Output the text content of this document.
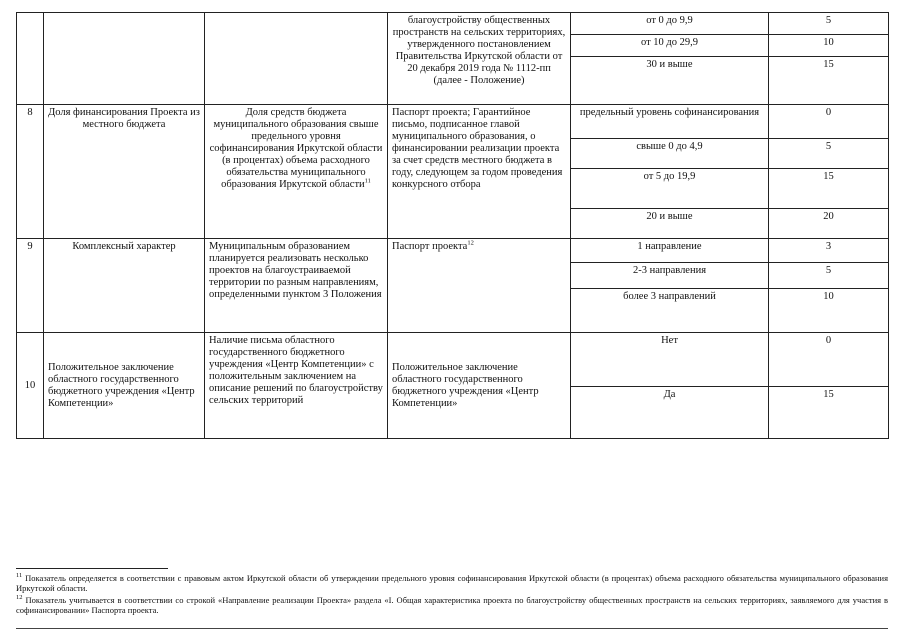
			благоустройству общественных пространств на сельских территориях, утвержденного постановлением Правительства Иркутской области от 20 декабря 2019 года № 1112-пп (далее - Положение)	от 0 до 9,9	5
				от 10 до 29,9	10
				30 и выше	15
8	Доля финансирования Проекта из местного бюджета	Доля средств бюджета муниципального образования свыше предельного уровня софинансирования Иркутской области (в процентах) объема расходного обязательства муниципального образования Иркутской области$^{11}$	Паспорт проекта; Гарантийное письмо, подписанное главой муниципального образования, о финансировании реализации проекта за счет средств местного бюджета в году, следующем за годом проведения конкурсного отбора	предельный уровень софинансирования	0
				свыше 0 до 4,9	5
				от 5 до 19,9	15
				20 и выше	20
9	Комплексный характер	Муниципальным образованием планируется реализовать несколько проектов на благоустраиваемой территории по разным направлениям, определенными пунктом 3 Положения	Паспорт проекта$^{12}$	1 направление	3
				2-3 направления	5
				более 3 направлений	10
10	Положительное заключение областного государственного бюджетного учреждения «Центр Компетенции»	Наличие письма областного государственного бюджетного учреждения «Центр Компетенции» с положительным заключением на описание решений по благоустройству сельских территорий	Положительное заключение областного государственного бюджетного учреждения «Центр Компетенции»	Нет	0
				Да	15

$^{11}$ Показатель определяется в соответствии с правовым актом Иркутской области об утверждении предельного уровня софинансирования Иркутской области (в процентах) объема расходного обязательства муниципального образования Иркутской области.

$^{12}$ Показатель учитывается в соответствии со строкой «Направление реализации Проекта» раздела «I. Общая характеристика проекта по благоустройству общественных пространств на сельских территориях, заявляемого для участия в софинансировании» Паспорта проекта.
